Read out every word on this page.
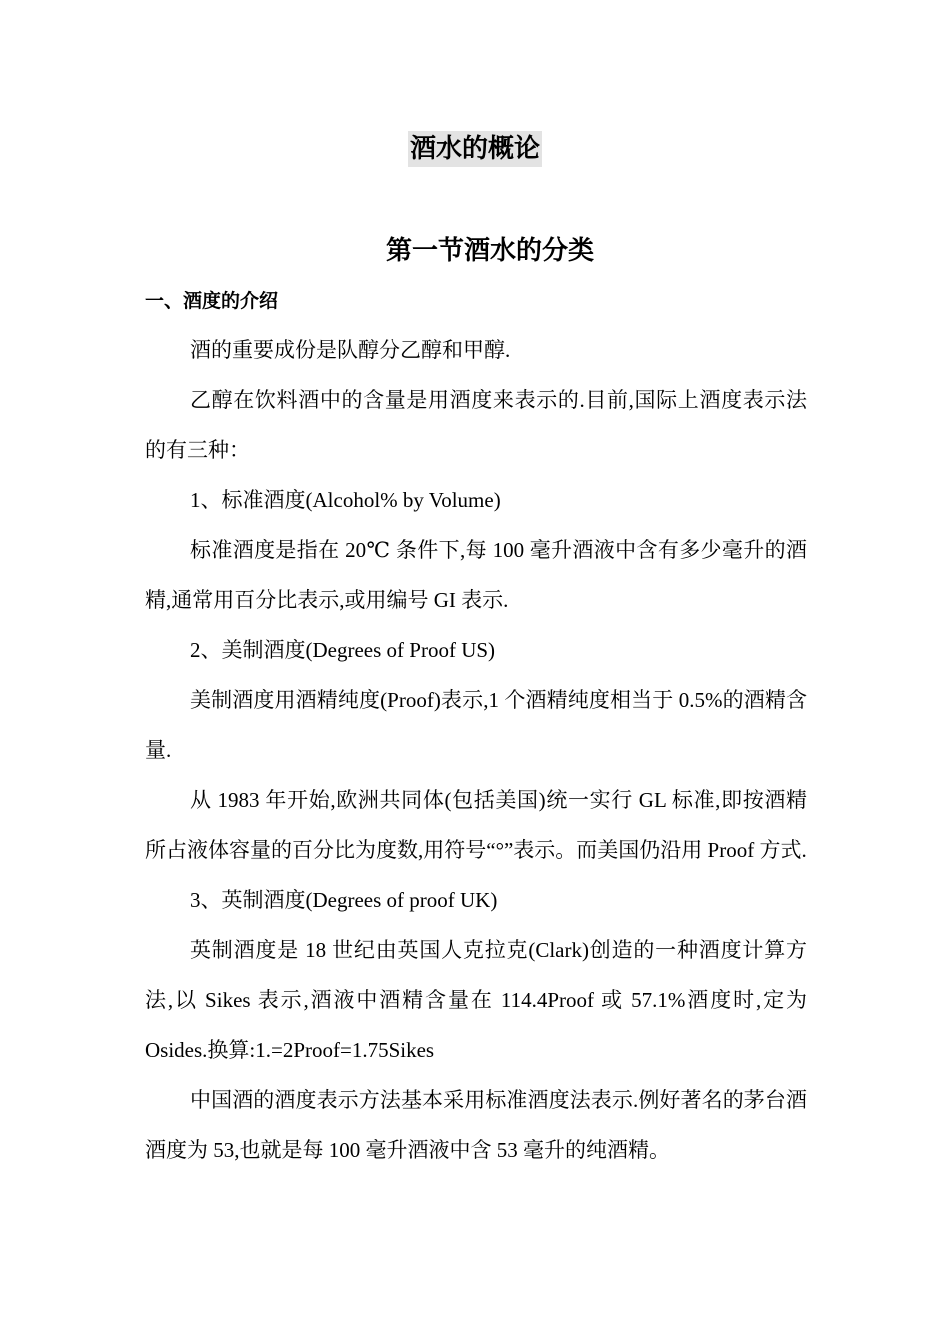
酒水的概论
第一节酒水的分类
一、酒度的介绍

酒的重要成份是队醇分乙醇和甲醇.

乙醇在饮料酒中的含量是用酒度来表示的.目前,国际上酒度表示法的有三种：

1、标准酒度(Alcohol% by Volume)

标准酒度是指在 20℃ 条件下,每 100 毫升酒液中含有多少毫升的酒精,通常用百分比表示,或用编号 GI 表示.

2、美制酒度(Degrees of Proof US)

美制酒度用酒精纯度(Proof)表示,1 个酒精纯度相当于 0.5%的酒精含量.

从 1983 年开始,欧洲共同体(包括美国)统一实行 GL 标准,即按酒精所占液体容量的百分比为度数,用符号“°”表示。而美国仍沿用 Proof 方式.

3、英制酒度(Degrees of proof UK)

英制酒度是 18 世纪由英国人克拉克(Clark)创造的一种酒度计算方法,以 Sikes 表示,酒液中酒精含量在 114.4Proof 或 57.1%酒度时,定为 Osides.换算:1.=2Proof=1.75Sikes

中国酒的酒度表示方法基本采用标准酒度法表示.例好著名的茅台酒酒度为 53,也就是每 100 毫升酒液中含 53 毫升的纯酒精。
